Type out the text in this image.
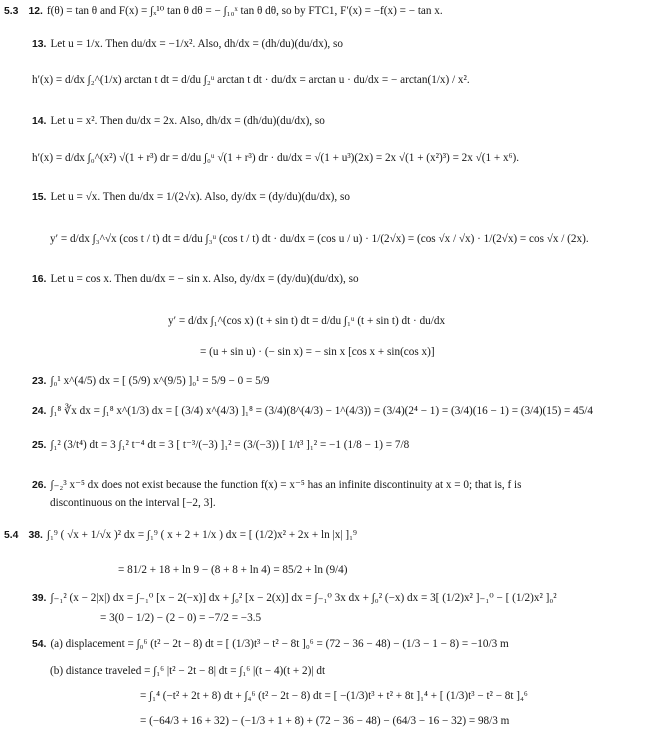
5.3 12. f(θ) = tan θ and F(x) = ∫ₓ¹⁰ tan θ dθ = − ∫₁₀ˣ tan θ dθ, so by FTC1, F′(x) = −f(x) = − tan x.
13. Let u = 1/x. Then du/dx = −1/x². Also, dh/dx = (dh/du)(du/dx), so
h′(x) = d/dx ∫₂^(1/x) arctan t dt = d/du ∫₂ᵘ arctan t dt · du/dx = arctan u · du/dx = − arctan(1/x) / x².
14. Let u = x². Then du/dx = 2x. Also, dh/dx = (dh/du)(du/dx), so
h′(x) = d/dx ∫₀^(x²) √(1 + r³) dr = d/du ∫₀ᵘ √(1 + r³) dr · du/dx = √(1 + u³)(2x) = 2x √(1 + (x²)³) = 2x √(1 + x⁶).
15. Let u = √x. Then du/dx = 1/(2√x). Also, dy/dx = (dy/du)(du/dx), so
y′ = d/dx ∫₃^√x (cos t / t) dt = d/du ∫₃ᵘ (cos t / t) dt · du/dx = (cos u / u) · 1/(2√x) = (cos √x / √x) · 1/(2√x) = cos √x / (2x).
16. Let u = cos x. Then du/dx = − sin x. Also, dy/dx = (dy/du)(du/dx), so
y′ = d/dx ∫₁^(cos x) (t + sin t) dt = d/du ∫₁ᵘ (t + sin t) dt · du/dx
= (u + sin u) · (− sin x) = − sin x [cos x + sin(cos x)]
23. ∫₀¹ x^(4/5) dx = [ (5/9) x^(9/5) ]₀¹ = 5/9 − 0 = 5/9
24. ∫₁⁸ ∛x dx = ∫₁⁸ x^(1/3) dx = [ (3/4) x^(4/3) ]₁⁸ = (3/4)(8^(4/3) − 1^(4/3)) = (3/4)(2⁴ − 1) = (3/4)(16 − 1) = (3/4)(15) = 45/4
25. ∫₁² (3/t⁴) dt = 3 ∫₁² t⁻⁴ dt = 3 [ t⁻³/(−3) ]₁² = (3/(−3)) [ 1/t³ ]₁² = −1 (1/8 − 1) = 7/8
26. ∫₋₂³ x⁻⁵ dx does not exist because the function f(x) = x⁻⁵ has an infinite discontinuity at x = 0; that is, f is
discontinuous on the interval [−2, 3].
5.4 38. ∫₁⁹ ( √x + 1/√x )² dx = ∫₁⁹ ( x + 2 + 1/x ) dx = [ (1/2)x² + 2x + ln |x| ]₁⁹
= 81/2 + 18 + ln 9 − (8 + 8 + ln 4) = 85/2 + ln (9/4)
39. ∫₋₁² (x − 2|x|) dx = ∫₋₁⁰ [x − 2(−x)] dx + ∫₀² [x − 2(x)] dx = ∫₋₁⁰ 3x dx + ∫₀² (−x) dx = 3[ (1/2)x² ]₋₁⁰ − [ (1/2)x² ]₀²
= 3(0 − 1/2) − (2 − 0) = −7/2 = −3.5
54. (a) displacement = ∫₀⁶ (t² − 2t − 8) dt = [ (1/3)t³ − t² − 8t ]₀⁶ = (72 − 36 − 48) − (1/3 − 1 − 8) = −10/3 m
(b) distance traveled = ∫₁⁶ |t² − 2t − 8| dt = ∫₁⁶ |(t − 4)(t + 2)| dt
= ∫₁⁴ (−t² + 2t + 8) dt + ∫₄⁶ (t² − 2t − 8) dt = [ −(1/3)t³ + t² + 8t ]₁⁴ + [ (1/3)t³ − t² − 8t ]₄⁶
= (−64/3 + 16 + 32) − (−1/3 + 1 + 8) + (72 − 36 − 48) − (64/3 − 16 − 32) = 98/3 m
